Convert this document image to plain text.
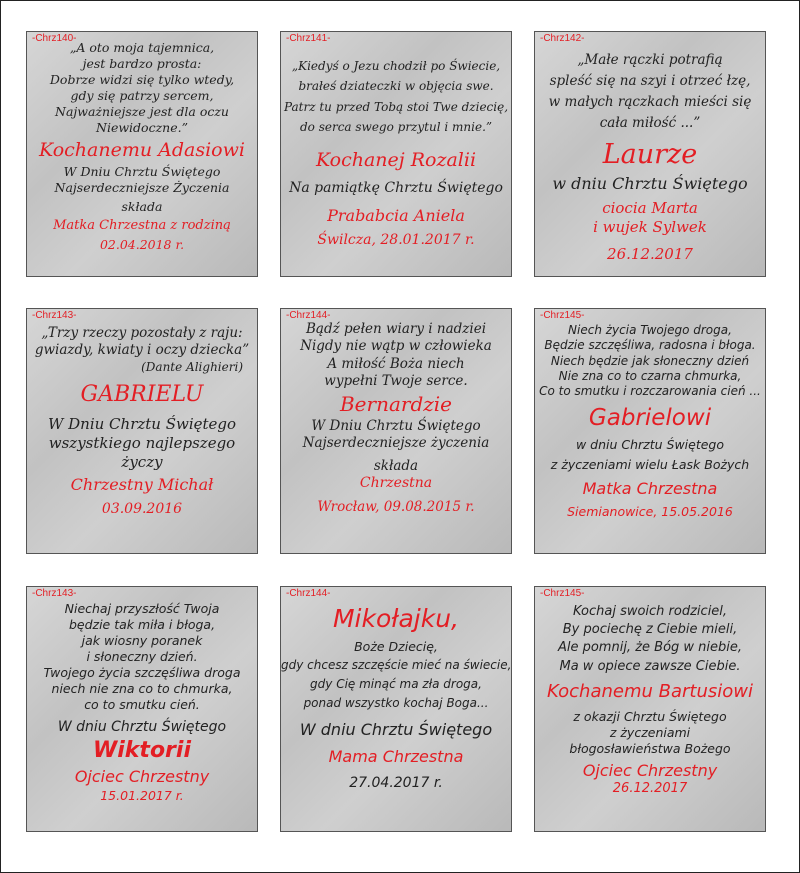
-Chrz140-
„A oto moja tajemnica,
jest bardzo prosta:
Dobrze widzi się tylko wtedy,
gdy się patrzy sercem,
Najważniejsze jest dla oczu
Niewidoczne.”
Kochanemu Adasiowi
W Dniu Chrztu Świętego
Najserdeczniejsze Życzenia
składa
Matka Chrzestna z rodziną
02.04.2018 r.
-Chrz141-
„Kiedyś o Jezu chodził po Świecie,
brałeś dziateczki w objęcia swe.
Patrz tu przed Tobą stoi Twe dziecię,
do serca swego przytul i mnie.”
Kochanej Rozalii
Na pamiątkę Chrztu Świętego
Prababcia Aniela
Świlcza, 28.01.2017 r.
-Chrz142-
„Małe rączki potrafią
spleść się na szyi i otrzeć łzę,
w małych rączkach mieści się
cała miłość ...”
Laurze
w dniu Chrztu Świętego
ciocia Marta
i wujek Sylwek
26.12.2017
-Chrz143-
„Trzy rzeczy pozostały z raju:
gwiazdy, kwiaty i oczy dziecka”
(Dante Alighieri)
GABRIELU
W Dniu Chrztu Świętego
wszystkiego najlepszego
życzy
Chrzestny Michał
03.09.2016
-Chrz144-
Bądź pełen wiary i nadziei
Nigdy nie wątp w człowieka
A miłość Boża niech
wypełni Twoje serce.
Bernardzie
W Dniu Chrztu Świętego
Najserdeczniejsze życzenia
składa
Chrzestna
Wrocław, 09.08.2015 r.
-Chrz145-
Niech życia Twojego droga,
Będzie szczęśliwa, radosna i błoga.
Niech będzie jak słoneczny dzień
Nie zna co to czarna chmurka,
Co to smutku i rozczarowania cień ...
Gabrielowi
w dniu Chrztu Świętego
z życzeniami wielu Łask Bożych
Matka Chrzestna
Siemianowice, 15.05.2016
-Chrz143-
Niechaj przyszłość Twoja
będzie tak miła i błoga,
jak wiosny poranek
i słoneczny dzień.
Twojego życia szczęśliwa droga
niech nie zna co to chmurka,
co to smutku cień.
W dniu Chrztu Świętego
Wiktorii
Ojciec Chrzestny
15.01.2017 r.
-Chrz144-
Mikołajku,
Boże Dziecię,
gdy chcesz szczęście mieć na świecie,
gdy Cię minąć ma zła droga,
ponad wszystko kochaj Boga...
W dniu Chrztu Świętego
Mama Chrzestna
27.04.2017 r.
-Chrz145-
Kochaj swoich rodziciel,
By pociechę z Ciebie mieli,
Ale pomnij, że Bóg w niebie,
Ma w opiece zawsze Ciebie.
Kochanemu Bartusiowi
z okazji Chrztu Świętego
z życzeniami
błogosławieństwa Bożego
Ojciec Chrzestny
26.12.2017
